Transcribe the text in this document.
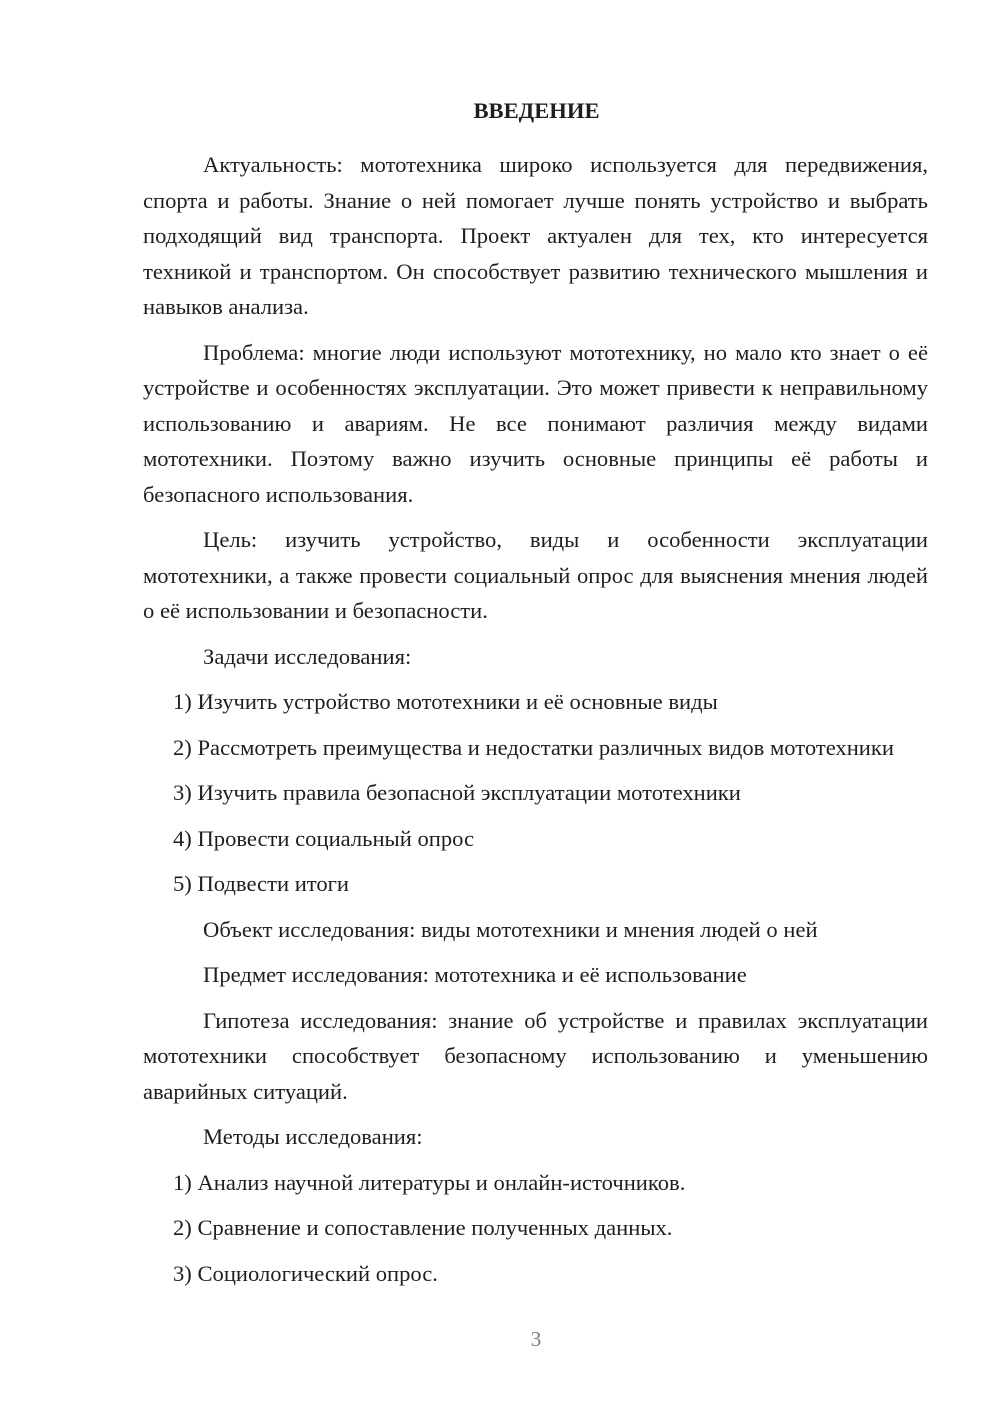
ВВЕДЕНИЕ

Актуальность: мототехника широко используется для передвижения, спорта и работы. Знание о ней помогает лучше понять устройство и выбрать подходящий вид транспорта. Проект актуален для тех, кто интересуется техникой и транспортом. Он способствует развитию технического мышления и навыков анализа.

Проблема: многие люди используют мототехнику, но мало кто знает о её устройстве и особенностях эксплуатации. Это может привести к неправильному использованию и авариям. Не все понимают различия между видами мототехники. Поэтому важно изучить основные принципы её работы и безопасного использования.

Цель: изучить устройство, виды и особенности эксплуатации мототехники, а также провести социальный опрос для выяснения мнения людей о её использовании и безопасности.

Задачи исследования:

1) Изучить устройство мототехники и её основные виды

2) Рассмотреть преимущества и недостатки различных видов мототехники

3) Изучить правила безопасной эксплуатации мототехники

4) Провести социальный опрос

5) Подвести итоги

Объект исследования: виды мототехники и мнения людей о ней

Предмет исследования: мототехника и её использование

Гипотеза исследования: знание об устройстве и правилах эксплуатации мототехники способствует безопасному использованию и уменьшению аварийных ситуаций.

Методы исследования:

1) Анализ научной литературы и онлайн-источников.

2) Сравнение и сопоставление полученных данных.

3) Социологический опрос.

3
